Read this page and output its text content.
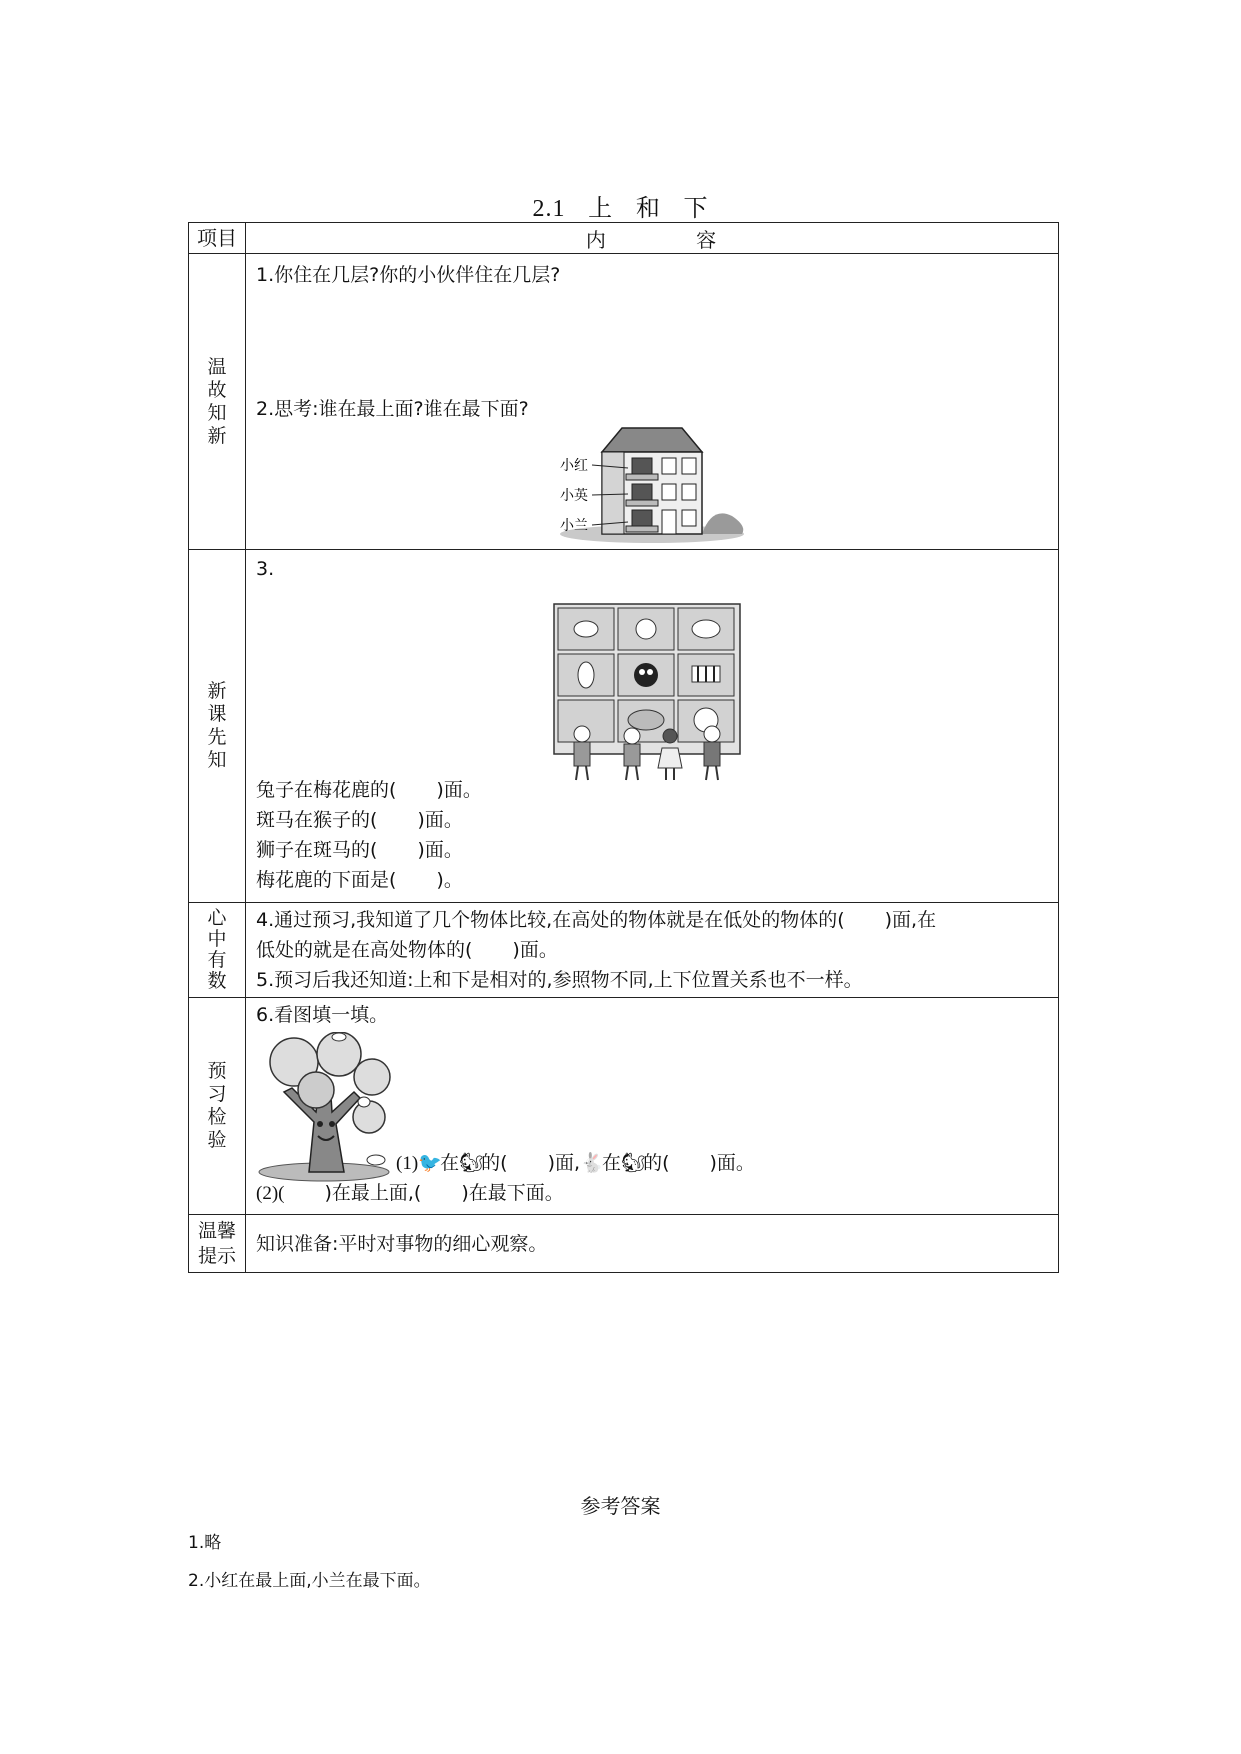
2.1 上 和 下
项目	内 容

温故知新	1.你住在几层?你的小伙伴住在几层?
2.思考:谁在最上面?谁在最下面?
小红
小英
小兰

新课先知	3.
兔子在梅花鹿的( )面。
斑马在猴子的( )面。
狮子在斑马的( )面。
梅花鹿的下面是( )。

心中有数	4.通过预习,我知道了几个物体比较,在高处的物体就是在低处的物体的( )面,在
低处的就是在高处物体的( )面。
5.预习后我还知道:上和下是相对的,参照物不同,上下位置关系也不一样。

预习检验	6.看图填一填。
(1)🐦在🐿的( )面,🐇在🐿的( )面。
(2)( )在最上面,( )在最下面。

温馨提示	知识准备:平时对事物的细心观察。
参考答案
1.略
2.小红在最上面,小兰在最下面。
